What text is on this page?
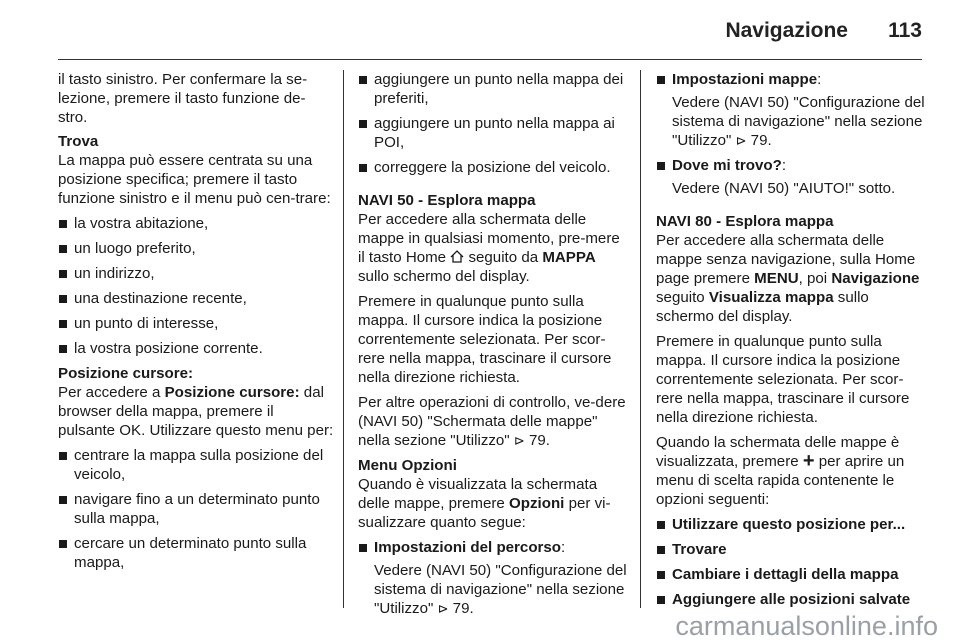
Navigazione 113

il tasto sinistro. Per confermare la se-lezione, premere il tasto funzione de-stro.

Trova

La mappa può essere centrata su una posizione specifica; premere il tasto funzione sinistro e il menu può cen-trare:

la vostra abitazione,
un luogo preferito,
un indirizzo,
una destinazione recente,
un punto di interesse,
la vostra posizione corrente.

Posizione cursore:

Per accedere a Posizione cursore: dal browser della mappa, premere il pulsante OK. Utilizzare questo menu per:

centrare la mappa sulla posizione del veicolo,
navigare fino a un determinato punto sulla mappa,
cercare un determinato punto sulla mappa,
aggiungere un punto nella mappa dei preferiti,
aggiungere un punto nella mappa ai POI,
correggere la posizione del veicolo.

NAVI 50 - Esplora mappa

Per accedere alla schermata delle mappe in qualsiasi momento, pre-mere il tasto Home  seguito da MAPPA sullo schermo del display.

Premere in qualunque punto sulla mappa. Il cursore indica la posizione correntemente selezionata. Per scor-rere nella mappa, trascinare il cursore nella direzione richiesta.

Per altre operazioni di controllo, ve-dere (NAVI 50) "Schermata delle mappe" nella sezione "Utilizzo" ⊳ 79.

Menu Opzioni

Quando è visualizzata la schermata delle mappe, premere Opzioni per vi-sualizzare quanto segue:

Impostazioni del percorso:
Vedere (NAVI 50) "Configurazione del sistema di navigazione" nella sezione "Utilizzo" ⊳ 79.
Impostazioni mappe:
Vedere (NAVI 50) "Configurazione del sistema di navigazione" nella sezione "Utilizzo" ⊳ 79.
Dove mi trovo?:
Vedere (NAVI 50) "AIUTO!" sotto.

NAVI 80 - Esplora mappa

Per accedere alla schermata delle mappe senza navigazione, sulla Home page premere MENU, poi Navigazione seguito Visualizza mappa sullo schermo del display.

Premere in qualunque punto sulla mappa. Il cursore indica la posizione correntemente selezionata. Per scor-rere nella mappa, trascinare il cursore nella direzione richiesta.

Quando la schermata delle mappe è visualizzata, premere + per aprire un menu di scelta rapida contenente le opzioni seguenti:

Utilizzare questo posizione per...
Trovare
Cambiare i dettagli della mappa
Aggiungere alle posizioni salvate
carmanualsonline.info
